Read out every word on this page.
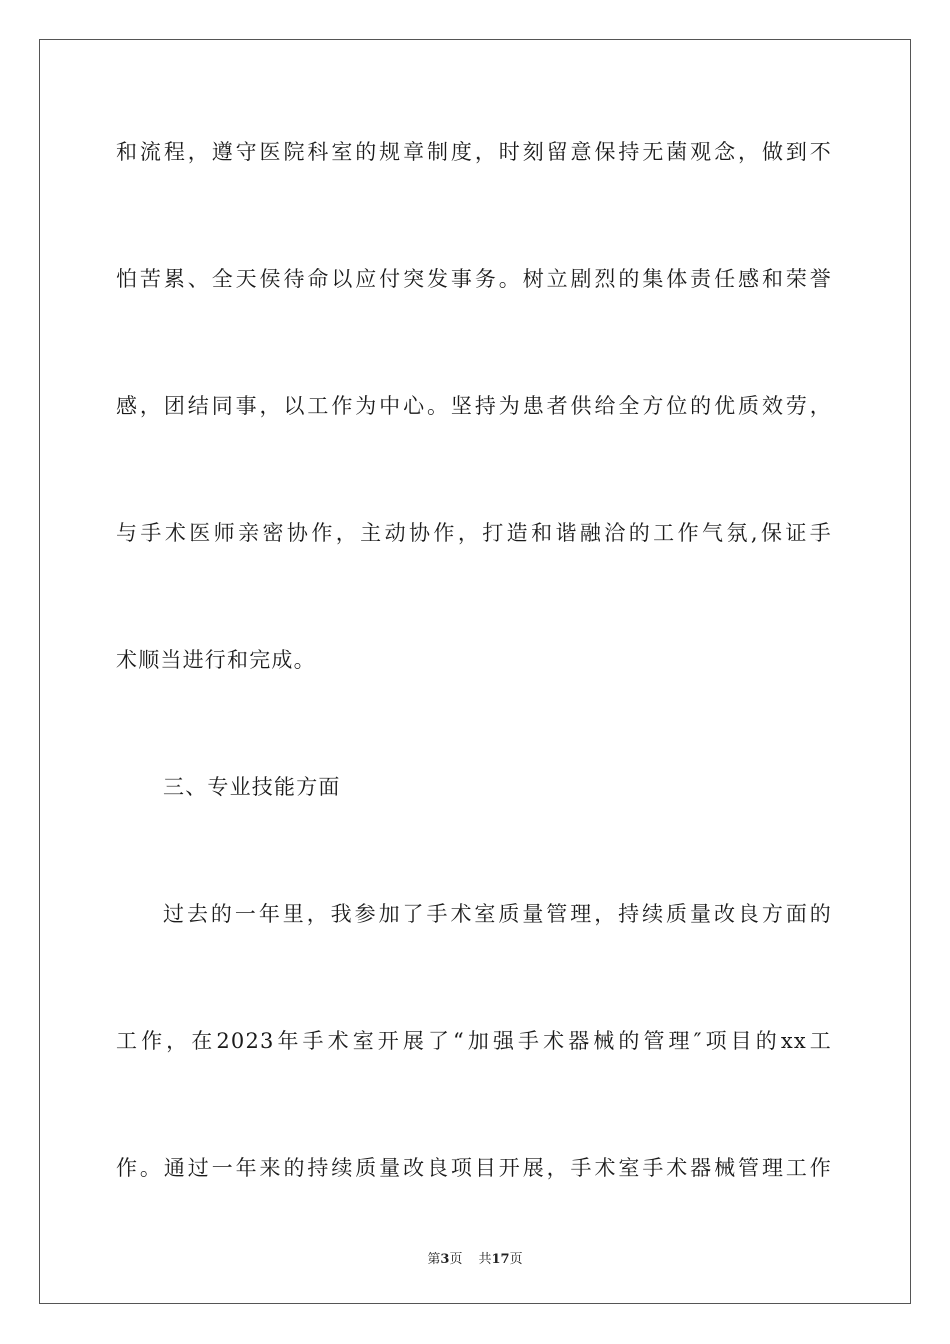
和流程，遵守医院科室的规章制度，时刻留意保持无菌观念，做到不
怕苦累、全天侯待命以应付突发事务。树立剧烈的集体责任感和荣誉
感，团结同事，以工作为中心。坚持为患者供给全方位的优质效劳，
与手术医师亲密协作，主动协作，打造和谐融洽的工作气氛,保证手
术顺当进行和完成。
三、专业技能方面
过去的一年里，我参加了手术室质量管理，持续质量改良方面的
工作，在2023年手术室开展了“加强手术器械的管理″项目的xx工
作。通过一年来的持续质量改良项目开展，手术室手术器械管理工作
第3页 共17页
